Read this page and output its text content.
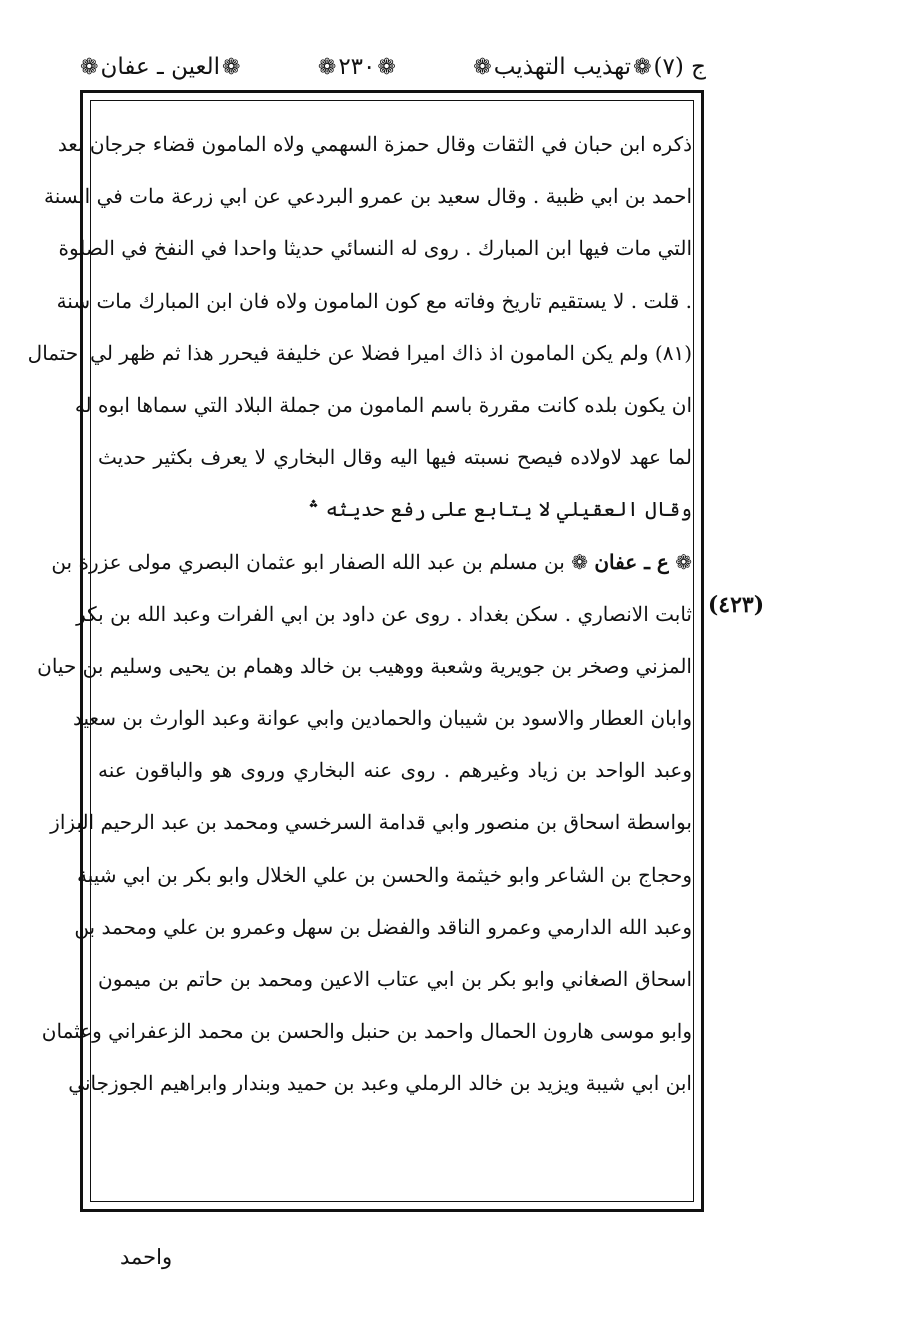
ج (٧)
❁
تهذيب التهذيب
❁
❁
٢٣٠
❁
❁
العين ـ عفان
❁
(٤٢٣)
ذكره ابن حبان في الثقات وقال حمزة السهمي ولاه المامون قضاء جرجان بعد
احمد بن ابي ظبية . وقال سعيد بن عمرو البردعي عن ابي زرعة مات في السنة
التي مات فيها ابن المبارك . روى له النسائي حديثا واحدا في النفخ في الصلوة
. قلت . لا يستقيم تاريخ وفاته مع كون المامون ولاه فان ابن المبارك مات سنة
(٨١) ولم يكن المامون اذ ذاك اميرا فضلا عن خليفة فيحرر هذا ثم ظهر لي احتمال
ان يكون بلده كانت مقررة باسم المامون من جملة البلاد التي سماها ابوه له
لما عهد لاولاده فيصح نسبته فيها اليه وقال البخاري لا يعرف بكثير حديث
وقال العقيلي لا يتابع على رفع حديثه ؞
❁ ع ـ عفان ❁ بن مسلم بن عبد الله الصفار ابو عثمان البصري مولى عزرة بن
ثابت الانصاري . سكن بغداد . روى عن داود بن ابي الفرات وعبد الله بن بكر
المزني وصخر بن جويرية وشعبة ووهيب بن خالد وهمام بن يحيى وسليم بن حيان
وابان العطار والاسود بن شيبان والحمادين وابي عوانة وعبد الوارث بن سعيد
وعبد الواحد بن زياد وغيرهم . روى عنه البخاري وروى هو والباقون عنه
بواسطة اسحاق بن منصور وابي قدامة السرخسي ومحمد بن عبد الرحيم البزاز
وحجاج بن الشاعر وابو خيثمة والحسن بن علي الخلال وابو بكر بن ابي شيبة
وعبد الله الدارمي وعمرو الناقد والفضل بن سهل وعمرو بن علي ومحمد بن
اسحاق الصغاني وابو بكر بن ابي عتاب الاعين ومحمد بن حاتم بن ميمون
وابو موسى هارون الحمال واحمد بن حنبل والحسن بن محمد الزعفراني وعثمان
ابن ابي شيبة ويزيد بن خالد الرملي وعبد بن حميد وبندار وابراهيم الجوزجاني
واحمد
